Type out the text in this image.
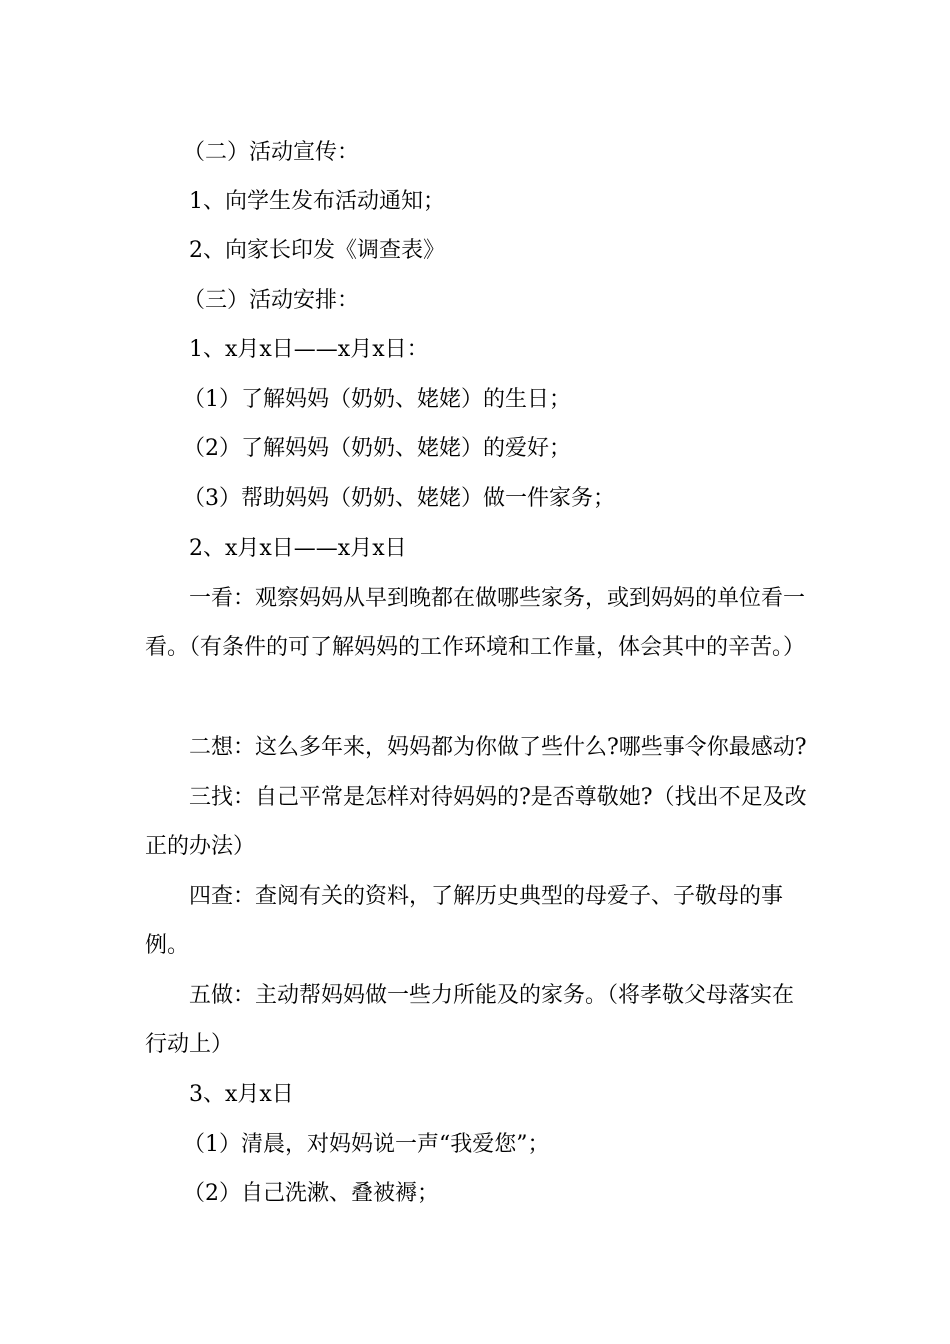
（二）活动宣传：

1、向学生发布活动通知；

2、向家长印发《调查表》

（三）活动安排：

1、x月x日——x月x日：

（1）了解妈妈（奶奶、姥姥）的生日；

（2）了解妈妈（奶奶、姥姥）的爱好；

（3）帮助妈妈（奶奶、姥姥）做一件家务；

2、x月x日——x月x日

一看：观察妈妈从早到晚都在做哪些家务，或到妈妈的单位看一看。（有条件的可了解妈妈的工作环境和工作量，体会其中的辛苦。）

二想：这么多年来，妈妈都为你做了些什么?哪些事令你最感动?

三找：自己平常是怎样对待妈妈的?是否尊敬她?（找出不足及改正的办法）

四查：查阅有关的资料，了解历史典型的母爱子、子敬母的事例。

五做：主动帮妈妈做一些力所能及的家务。（将孝敬父母落实在行动上）

3、x月x日

（1）清晨，对妈妈说一声“我爱您”；

（2）自己洗漱、叠被褥；
